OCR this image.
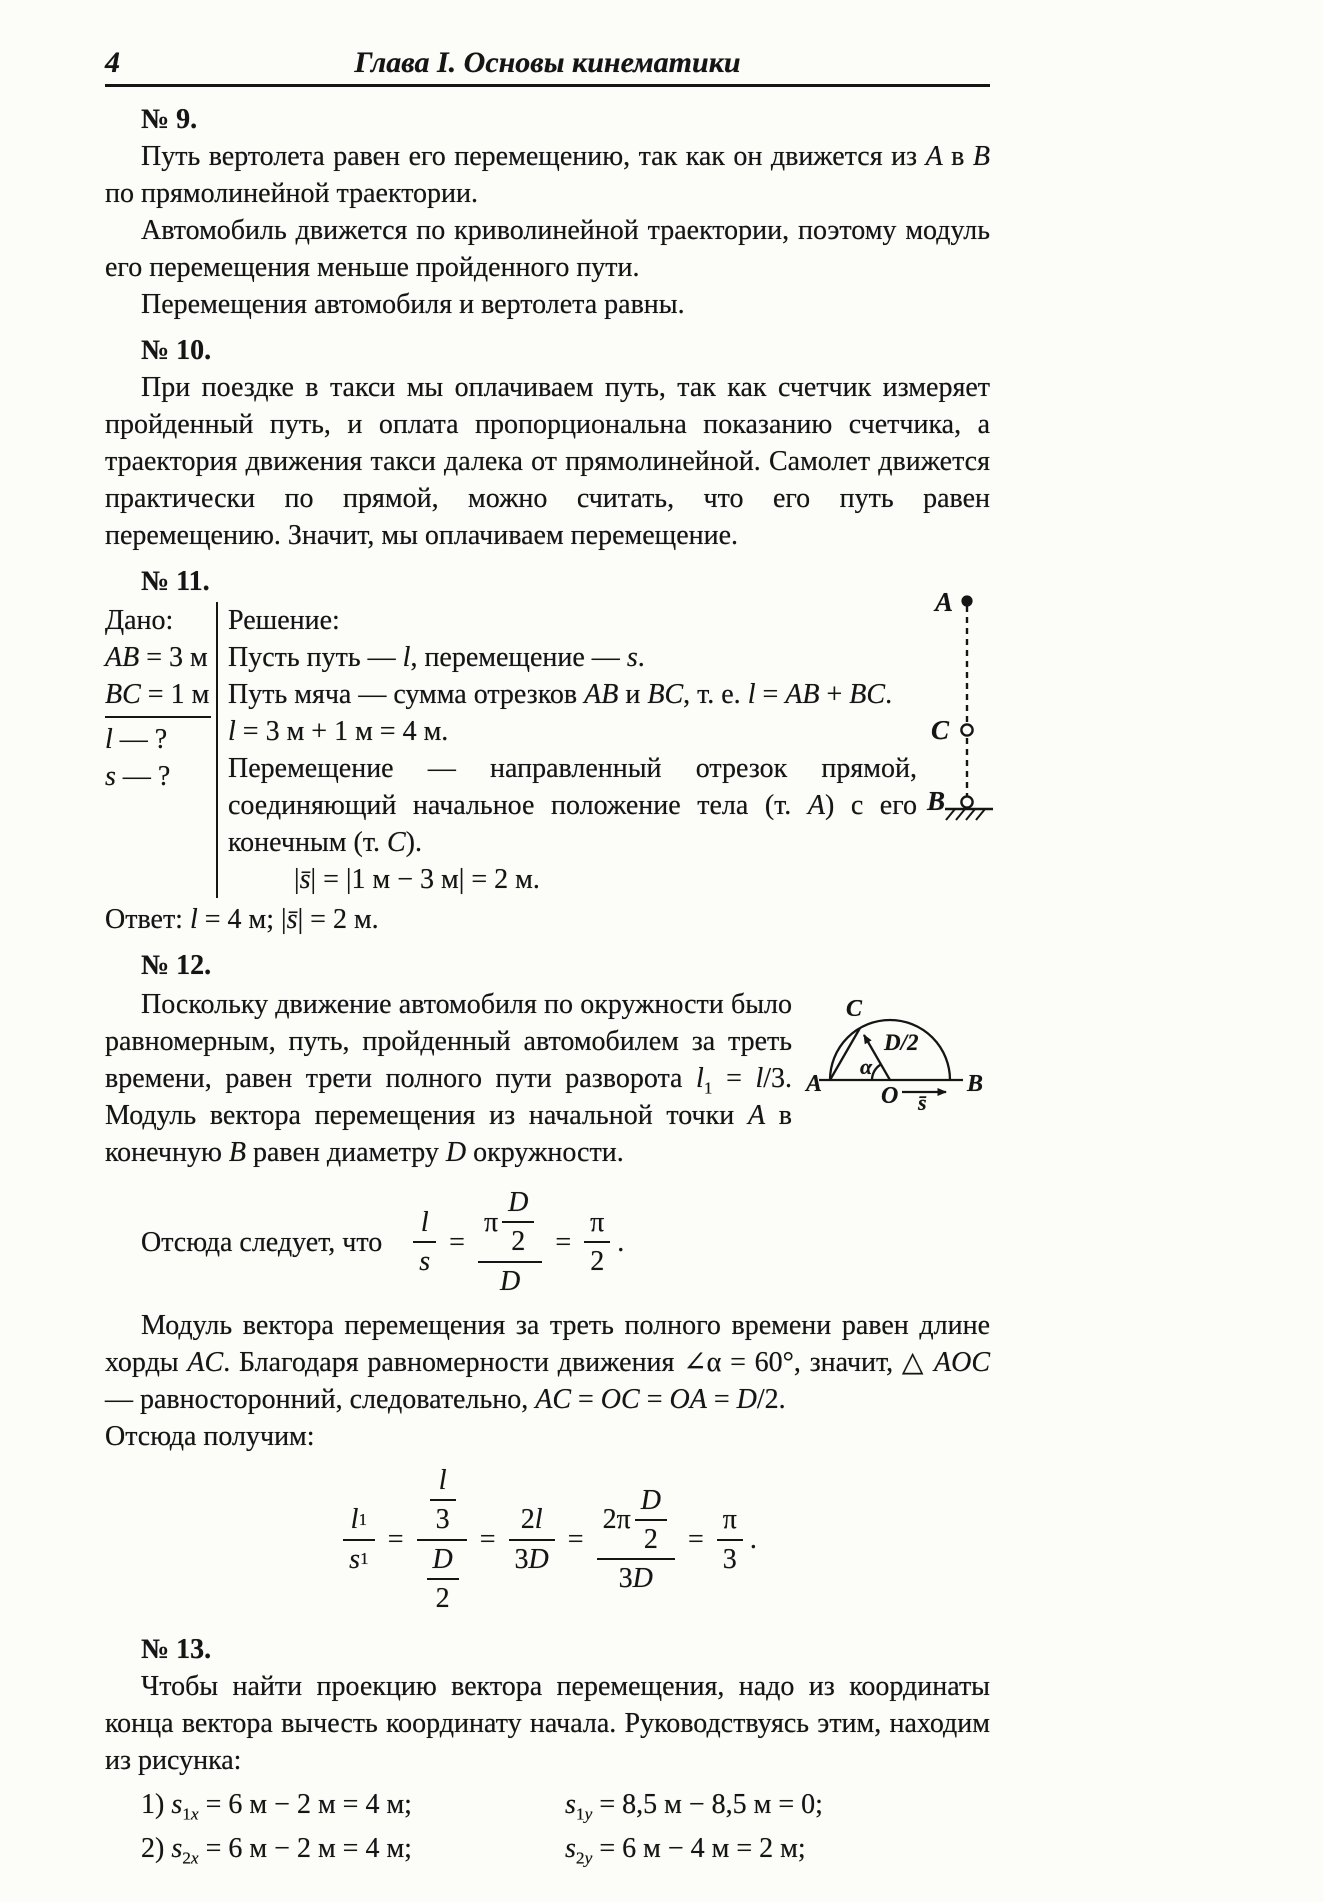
4	Глава I. Основы кинематики

№ 9.

Путь вертолета равен его перемещению, так как он движется из A в B по прямолинейной траектории.

Автомобиль движется по криволинейной траектории, поэтому модуль его перемещения меньше пройденного пути.

Перемещения автомобиля и вертолета равны.

№ 10.

При поездке в такси мы оплачиваем путь, так как счетчик измеряет пройденный путь, и оплата пропорциональна показанию счетчика, а траектория движения такси далека от прямолинейной. Самолет движется практически по прямой, можно считать, что его путь равен перемещению. Значит, мы оплачиваем перемещение.

№ 11.

Дано:
AB = 3 м
BC = 1 м
l — ?
s — ?
Решение:
Пусть путь — l, перемещение — s.
Путь мяча — сумма отрезков AB и BC, т. е. l = AB + BC.
l = 3 м + 1 м = 4 м.
Перемещение — направленный отрезок прямой, соединяющий начальное положение тела (т. A) с его конечным (т. C).
|s̄| = |1 м − 3 м| = 2 м.
A
C
B

Ответ: l = 4 м; |s̄| = 2 м.

№ 12.

C
D/2
α
A O	B
s̄

Поскольку движение автомобиля по окружности было равномерным, путь, пройденный автомобилем за треть времени, равен трети полного пути разворота $l_1 = l/3$. Модуль вектора перемещения из начальной точки A в конечную B равен диаметру D окружности.

Отсюда следует, что $\frac{l}{s} = \frac{\pi \frac{D}{2}}{D} = \frac{\pi}{2}$ .

Модуль вектора перемещения за треть полного времени равен длине хорды AC. Благодаря равномерности движения ∠α = 60°, значит, △ AOC — равносторонний, следовательно, AC = OC = OA = D/2.

Отсюда получим:

$\frac{l 1}{s 1} = \frac{\frac{l}{3}}{\frac{D}{2}} = \frac{2 l}{3 D} = \frac{2\pi \frac{D}{2}}{3 D} = \frac{\pi}{3}$ .

№ 13.

Чтобы найти проекцию вектора перемещения, надо из координаты конца вектора вычесть координату начала. Руководствуясь этим, находим из рисунка:

1) $s_{1x} = 6$ м − 2 м = 4 м;	$s_{1y} = 8,5$ м − 8,5 м = 0;
2) $s_{2x} = 6$ м − 2 м = 4 м;	$s_{2y} = 6$ м − 4 м = 2 м;
